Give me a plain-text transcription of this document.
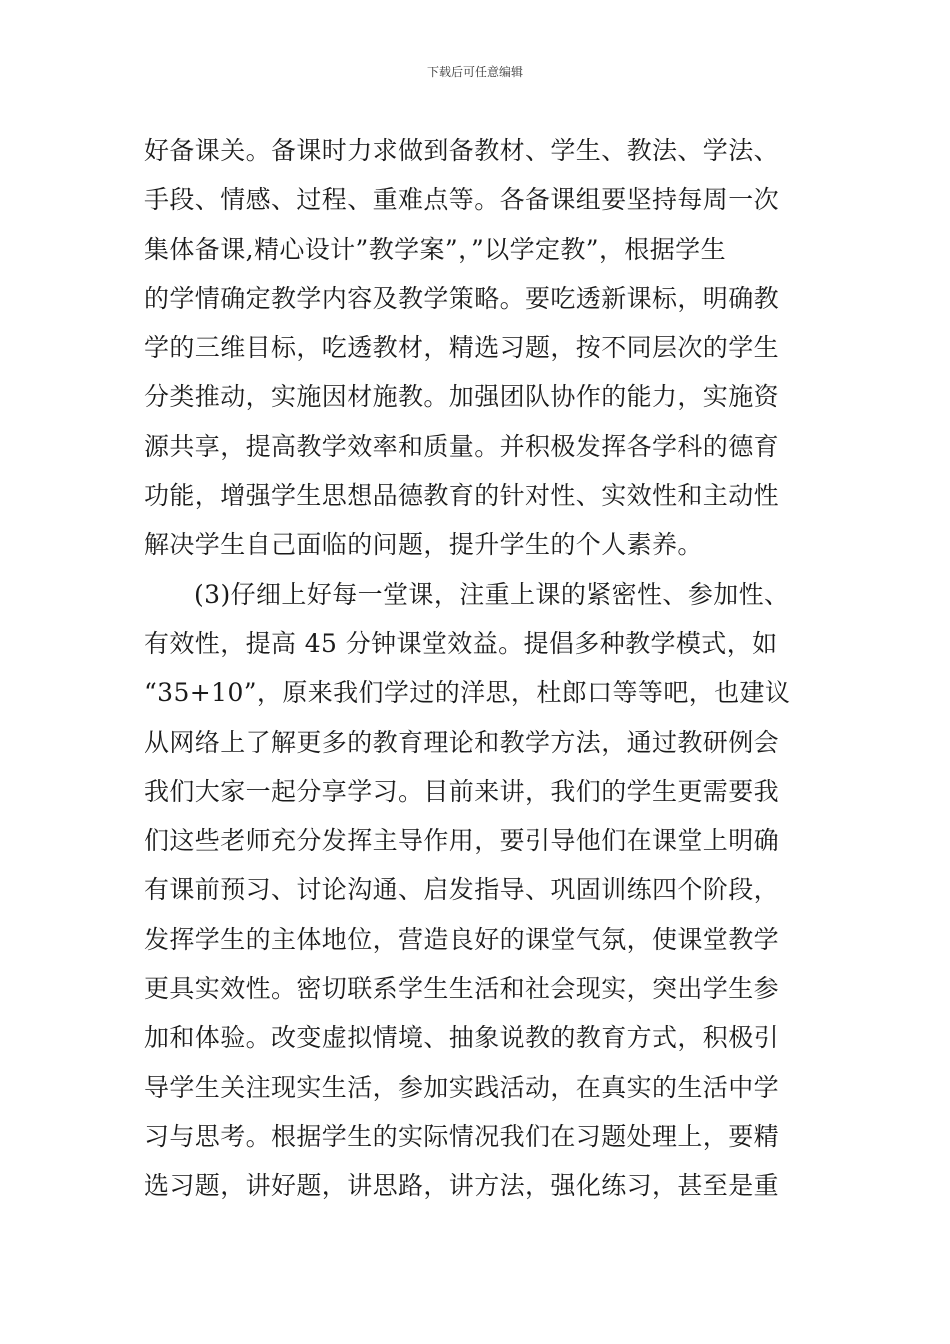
下载后可任意编辑
好备课关。备课时力求做到备教材、学生、教法、学法、
手段、情感、过程、重难点等。各备课组要坚持每周一次
集体备课,精心设计”教学案”，”以学定教”，根据学生
的学情确定教学内容及教学策略。要吃透新课标，明确教
学的三维目标，吃透教材，精选习题，按不同层次的学生
分类推动，实施因材施教。加强团队协作的能力，实施资
源共享，提高教学效率和质量。并积极发挥各学科的德育
功能，增强学生思想品德教育的针对性、实效性和主动性
解决学生自己面临的问题，提升学生的个人素养。
(3)仔细上好每一堂课，注重上课的紧密性、参加性、
有效性，提高 45 分钟课堂效益。提倡多种教学模式，如
“35+10”，原来我们学过的洋思，杜郎口等等吧，也建议
从网络上了解更多的教育理论和教学方法，通过教研例会
我们大家一起分享学习。目前来讲，我们的学生更需要我
们这些老师充分发挥主导作用，要引导他们在课堂上明确
有课前预习、讨论沟通、启发指导、巩固训练四个阶段，
发挥学生的主体地位，营造良好的课堂气氛，使课堂教学
更具实效性。密切联系学生生活和社会现实，突出学生参
加和体验。改变虚拟情境、抽象说教的教育方式，积极引
导学生关注现实生活，参加实践活动，在真实的生活中学
习与思考。根据学生的实际情况我们在习题处理上，要精
选习题，讲好题，讲思路，讲方法，强化练习，甚至是重
